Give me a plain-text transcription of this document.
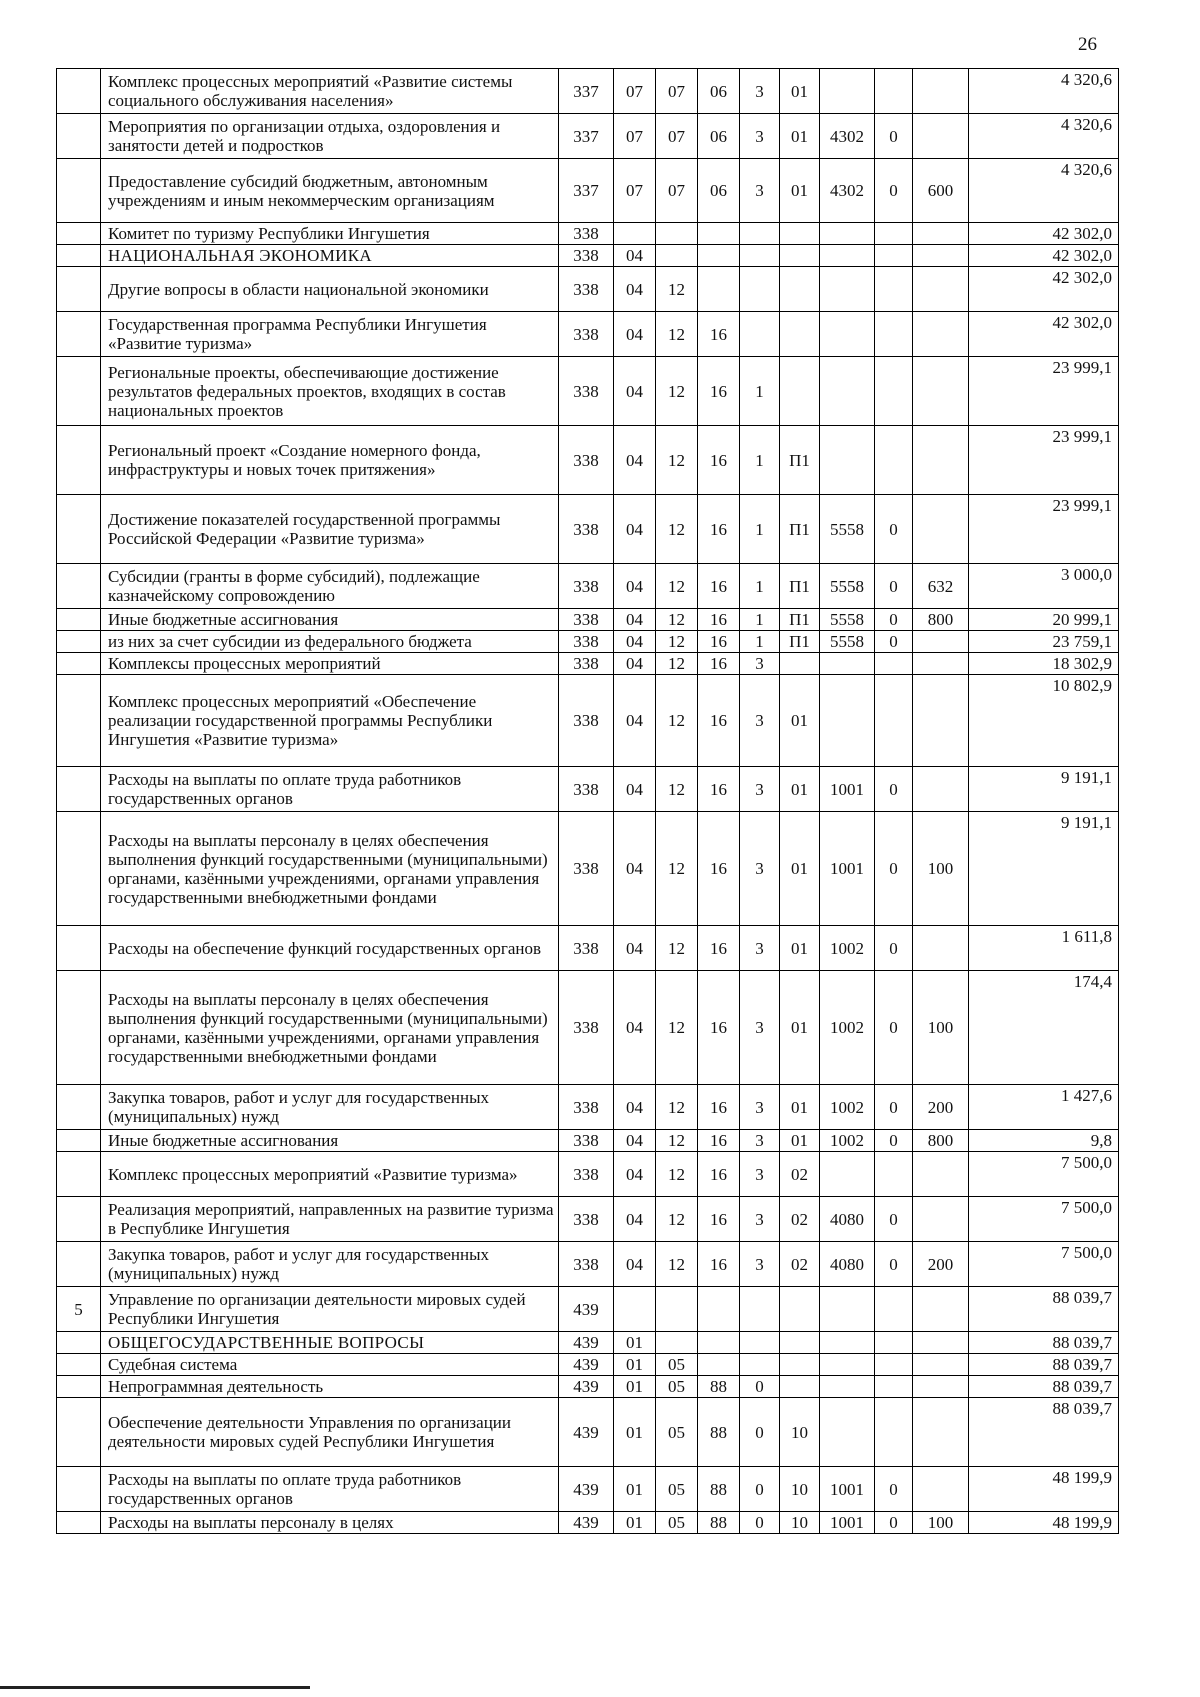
26
	Комплекс процессных мероприятий «Развитие системы социального обслуживания населения»	337	07	07	06	3	01				4 320,6
	Мероприятия по организации отдыха, оздоровления и занятости детей и подростков	337	07	07	06	3	01	4302	0		4 320,6
	Предоставление субсидий бюджетным, автономным учреждениям и иным некоммерческим организациям	337	07	07	06	3	01	4302	0	600	4 320,6
	Комитет по туризму Республики Ингушетия	338									42 302,0
	НАЦИОНАЛЬНАЯ ЭКОНОМИКА	338	04								42 302,0
	Другие вопросы в области национальной экономики	338	04	12							42 302,0
	Государственная программа Республики Ингушетия «Развитие туризма»	338	04	12	16						42 302,0
	Региональные проекты, обеспечивающие достижение результатов федеральных проектов, входящих в состав национальных проектов	338	04	12	16	1					23 999,1
	Региональный проект «Создание номерного фонда, инфраструктуры и новых точек притяжения»	338	04	12	16	1	П1				23 999,1
	Достижение показателей государственной программы Российской Федерации «Развитие туризма»	338	04	12	16	1	П1	5558	0		23 999,1
	Субсидии (гранты в форме субсидий), подлежащие казначейскому сопровождению	338	04	12	16	1	П1	5558	0	632	3 000,0
	Иные бюджетные ассигнования	338	04	12	16	1	П1	5558	0	800	20 999,1
	из них за счет субсидии из федерального бюджета	338	04	12	16	1	П1	5558	0		23 759,1
	Комплексы процессных мероприятий	338	04	12	16	3					18 302,9
	Комплекс процессных мероприятий «Обеспечение реализации государственной программы Республики Ингушетия «Развитие туризма»	338	04	12	16	3	01				10 802,9
	Расходы на выплаты по оплате труда работников государственных органов	338	04	12	16	3	01	1001	0		9 191,1
	Расходы на выплаты персоналу в целях обеспечения выполнения функций государственными (муниципальными) органами, казёнными учреждениями, органами управления государственными внебюджетными фондами	338	04	12	16	3	01	1001	0	100	9 191,1
	Расходы на обеспечение функций государственных органов	338	04	12	16	3	01	1002	0		1 611,8
	Расходы на выплаты персоналу в целях обеспечения выполнения функций государственными (муниципальными) органами, казёнными учреждениями, органами управления государственными внебюджетными фондами	338	04	12	16	3	01	1002	0	100	174,4
	Закупка товаров, работ и услуг для государственных (муниципальных) нужд	338	04	12	16	3	01	1002	0	200	1 427,6
	Иные бюджетные ассигнования	338	04	12	16	3	01	1002	0	800	9,8
	Комплекс процессных мероприятий «Развитие туризма»	338	04	12	16	3	02				7 500,0
	Реализация мероприятий, направленных на развитие туризма в Республике Ингушетия	338	04	12	16	3	02	4080	0		7 500,0
	Закупка товаров, работ и услуг для государственных (муниципальных) нужд	338	04	12	16	3	02	4080	0	200	7 500,0
5	Управление по организации деятельности мировых судей Республики Ингушетия	439									88 039,7
	ОБЩЕГОСУДАРСТВЕННЫЕ ВОПРОСЫ	439	01								88 039,7
	Судебная система	439	01	05							88 039,7
	Непрограммная деятельность	439	01	05	88	0					88 039,7
	Обеспечение деятельности Управления по организации деятельности мировых судей Республики Ингушетия	439	01	05	88	0	10				88 039,7
	Расходы на выплаты по оплате труда работников государственных органов	439	01	05	88	0	10	1001	0		48 199,9
	Расходы на выплаты персоналу в целях	439	01	05	88	0	10	1001	0	100	48 199,9
